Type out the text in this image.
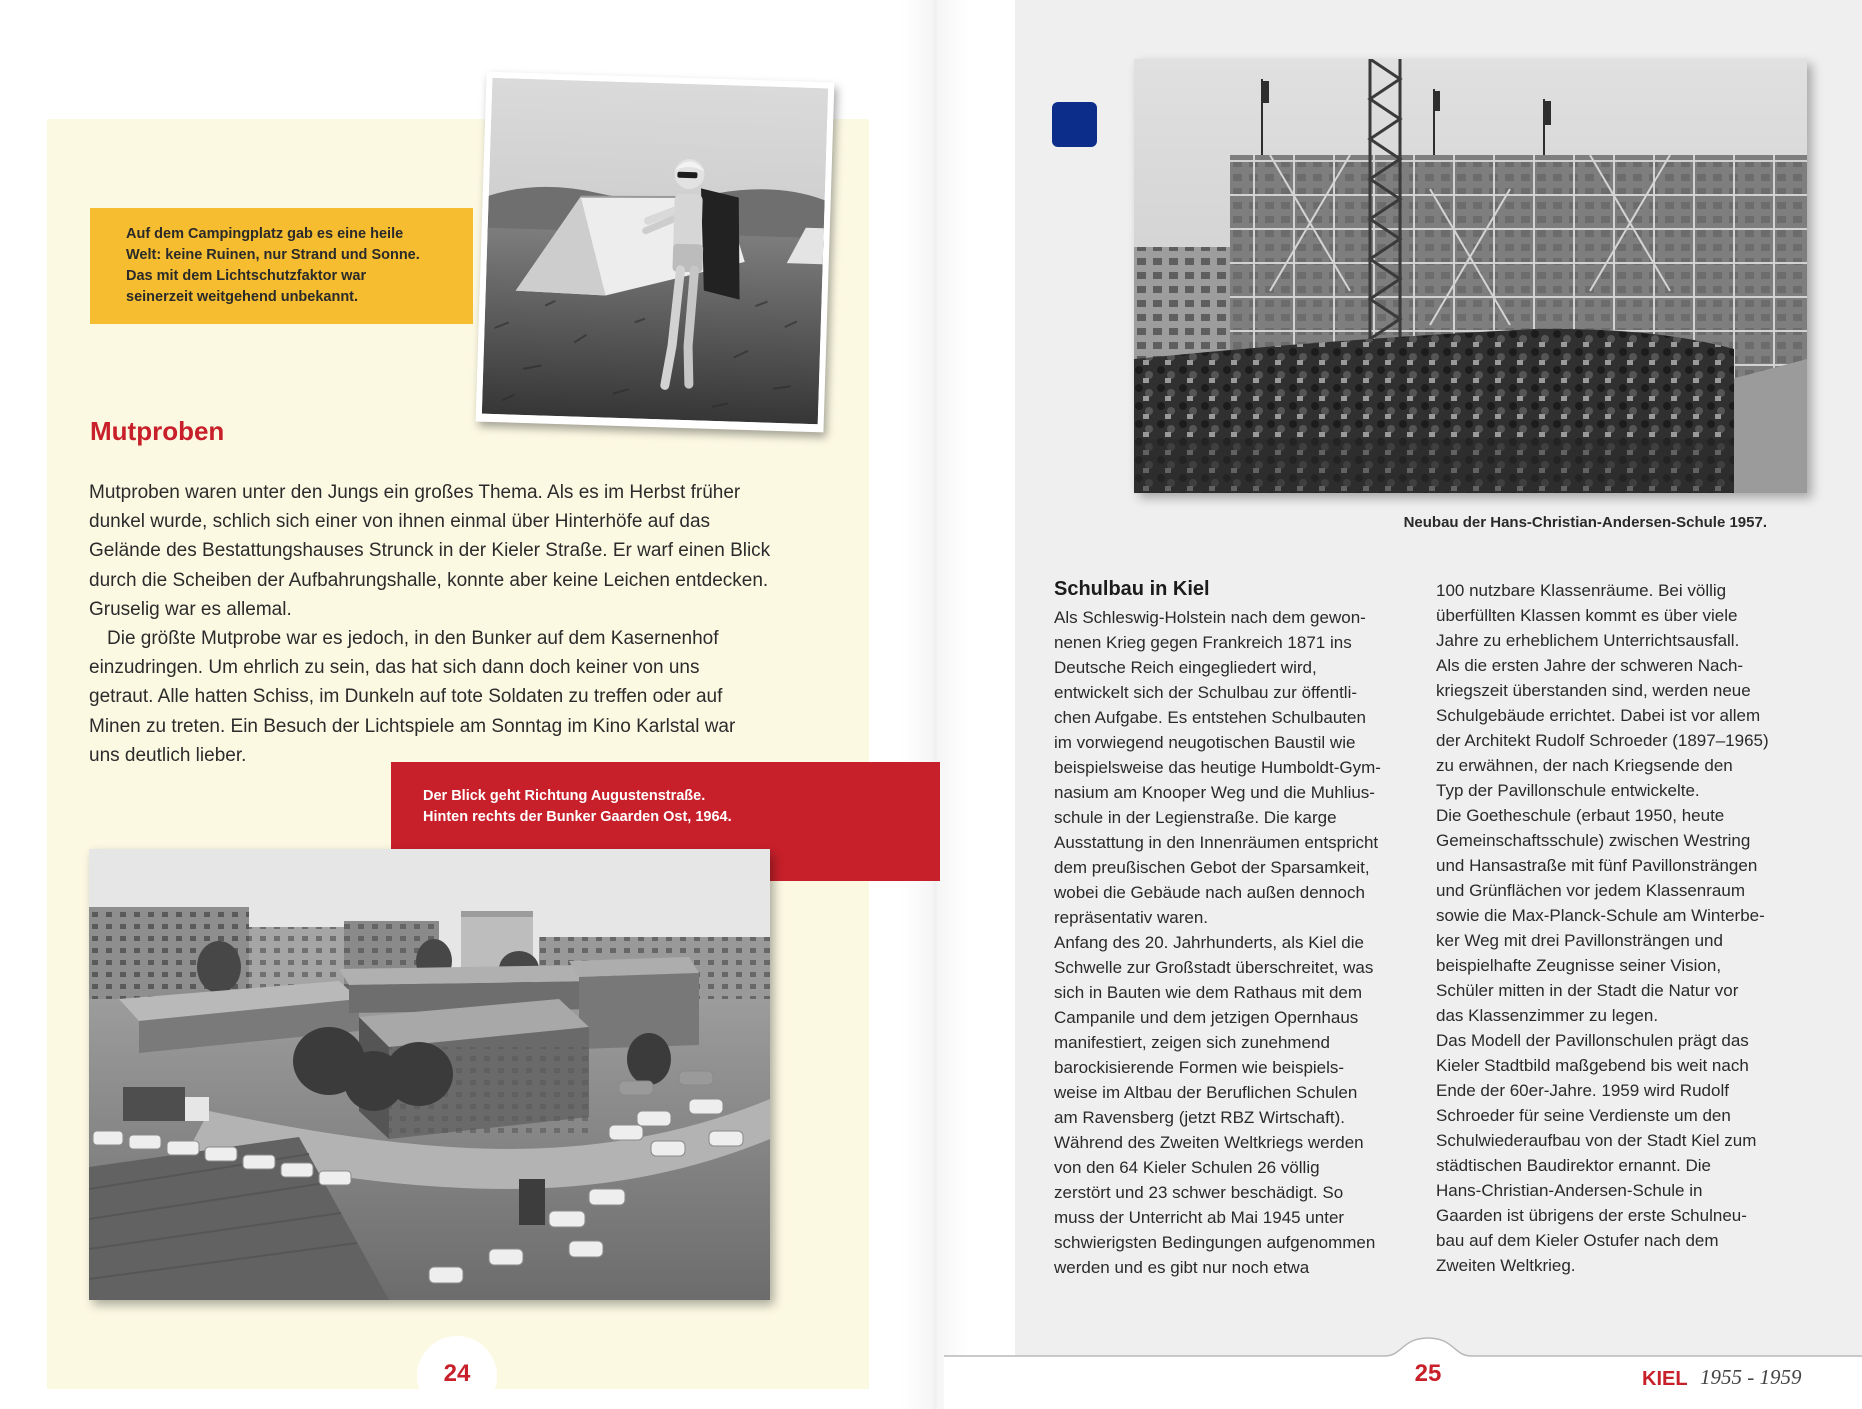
Auf dem Campingplatz gab es eine heile
Welt: keine Ruinen, nur Strand und Sonne.
Das mit dem Lichtschutzfaktor war
seinerzeit weitgehend unbekannt.
Mutproben
Mutproben waren unter den Jungs ein großes Thema. Als es im Herbst früher
dunkel wurde, schlich sich einer von ihnen einmal über Hinterhöfe auf das
Gelände des Bestattungshauses Strunck in der Kieler Straße. Er warf einen Blick
durch die Scheiben der Aufbahrungshalle, konnte aber keine Leichen entdecken.
Gruselig war es allemal.
Die größte Mutprobe war es jedoch, in den Bunker auf dem Kasernenhof
einzudringen. Um ehrlich zu sein, das hat sich dann doch keiner von uns
getraut. Alle hatten Schiss, im Dunkeln auf tote Soldaten zu treffen oder auf
Minen zu treten. Ein Besuch der Lichtspiele am Sonntag im Kino Karlstal war
uns deutlich lieber.
Der Blick geht Richtung Augustenstraße.
Hinten rechts der Bunker Gaarden Ost, 1964.
24
Neubau der Hans-Christian-Andersen-Schule 1957.
Schulbau in Kiel
Als Schleswig-Holstein nach dem gewon-
nenen Krieg gegen Frankreich 1871 ins
Deutsche Reich eingegliedert wird,
entwickelt sich der Schulbau zur öffentli-
chen Aufgabe. Es entstehen Schulbauten
im vorwiegend neugotischen Baustil wie
beispielsweise das heutige Humboldt-Gym-
nasium am Knooper Weg und die Muhlius-
schule in der Legienstraße. Die karge
Ausstattung in den Innenräumen entspricht
dem preußischen Gebot der Sparsamkeit,
wobei die Gebäude nach außen dennoch
repräsentativ waren.
Anfang des 20. Jahrhunderts, als Kiel die
Schwelle zur Großstadt überschreitet, was
sich in Bauten wie dem Rathaus mit dem
Campanile und dem jetzigen Opernhaus
manifestiert, zeigen sich zunehmend
barockisierende Formen wie beispiels-
weise im Altbau der Beruflichen Schulen
am Ravensberg (jetzt RBZ Wirtschaft).
Während des Zweiten Weltkriegs werden
von den 64 Kieler Schulen 26 völlig
zerstört und 23 schwer beschädigt. So
muss der Unterricht ab Mai 1945 unter
schwierigsten Bedingungen aufgenommen
werden und es gibt nur noch etwa
100 nutzbare Klassenräume. Bei völlig
überfüllten Klassen kommt es über viele
Jahre zu erheblichem Unterrichtsausfall.
Als die ersten Jahre der schweren Nach-
kriegszeit überstanden sind, werden neue
Schulgebäude errichtet. Dabei ist vor allem
der Architekt Rudolf Schroeder (1897–1965)
zu erwähnen, der nach Kriegsende den
Typ der Pavillonschule entwickelte.
Die Goetheschule (erbaut 1950, heute
Gemeinschaftsschule) zwischen Westring
und Hansastraße mit fünf Pavillonsträngen
und Grünflächen vor jedem Klassenraum
sowie die Max-Planck-Schule am Winterbe-
ker Weg mit drei Pavillonsträngen und
beispielhafte Zeugnisse seiner Vision,
Schüler mitten in der Stadt die Natur vor
das Klassenzimmer zu legen.
Das Modell der Pavillonschulen prägt das
Kieler Stadtbild maßgebend bis weit nach
Ende der 60er-Jahre. 1959 wird Rudolf
Schroeder für seine Verdienste um den
Schulwiederaufbau von der Stadt Kiel zum
städtischen Baudirektor ernannt. Die
Hans-Christian-Andersen-Schule in
Gaarden ist übrigens der erste Schulneu-
bau auf dem Kieler Ostufer nach dem
Zweiten Weltkrieg.
25	KIEL 1955 - 1959
